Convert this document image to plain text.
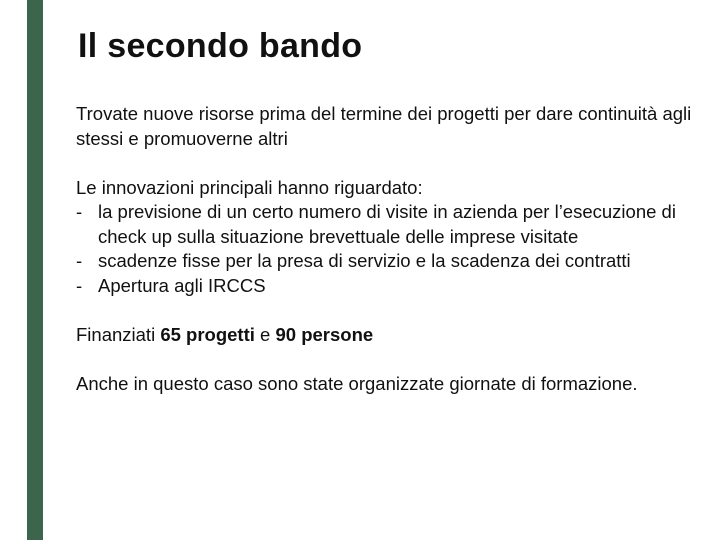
Il secondo bando

Trovate nuove risorse prima del termine dei progetti per dare continuità agli stessi e promuoverne altri

Le innovazioni principali hanno riguardato:

- la previsione di un certo numero di visite in azienda per l’esecuzione di check up sulla situazione brevettuale delle imprese visitate
- scadenze fisse per la presa di servizio e la scadenza dei contratti
- Apertura agli IRCCS

Finanziati 65 progetti e 90 persone

Anche in questo caso sono state organizzate giornate di formazione.
